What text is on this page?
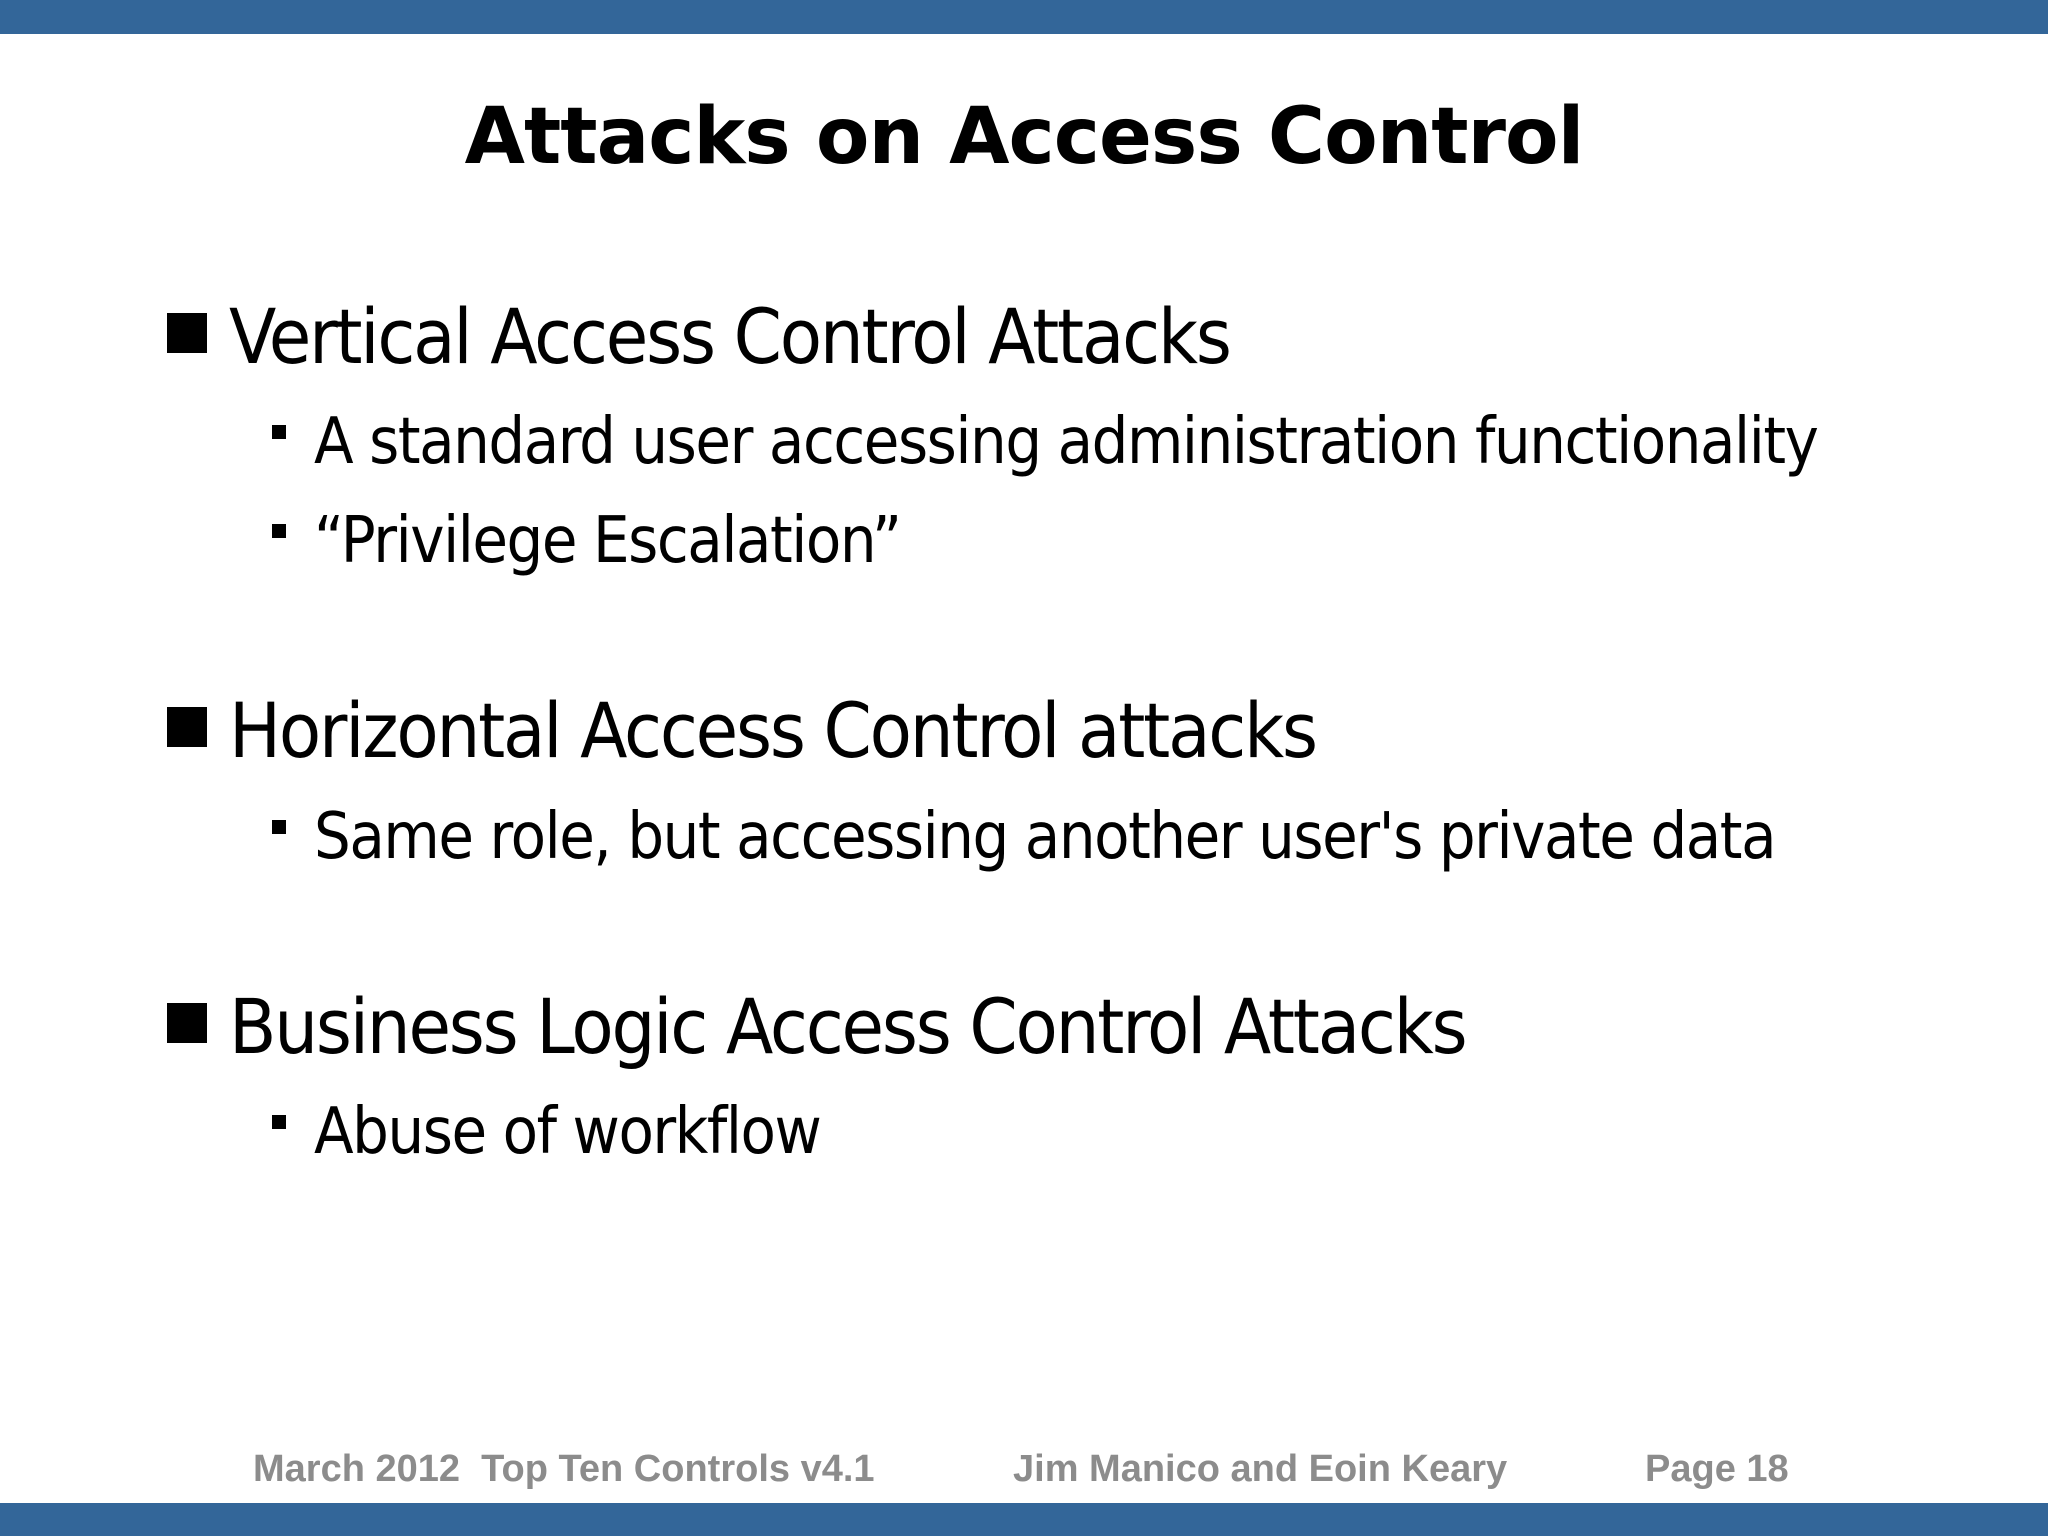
Attacks on Access Control
Vertical Access Control Attacks
A standard user accessing administration functionality
“Privilege Escalation”
Horizontal Access Control attacks
Same role, but accessing another user's private data
Business Logic Access Control Attacks
Abuse of workflow
March 2012  Top Ten Controls v4.1	Jim Manico and Eoin Keary	Page 18
